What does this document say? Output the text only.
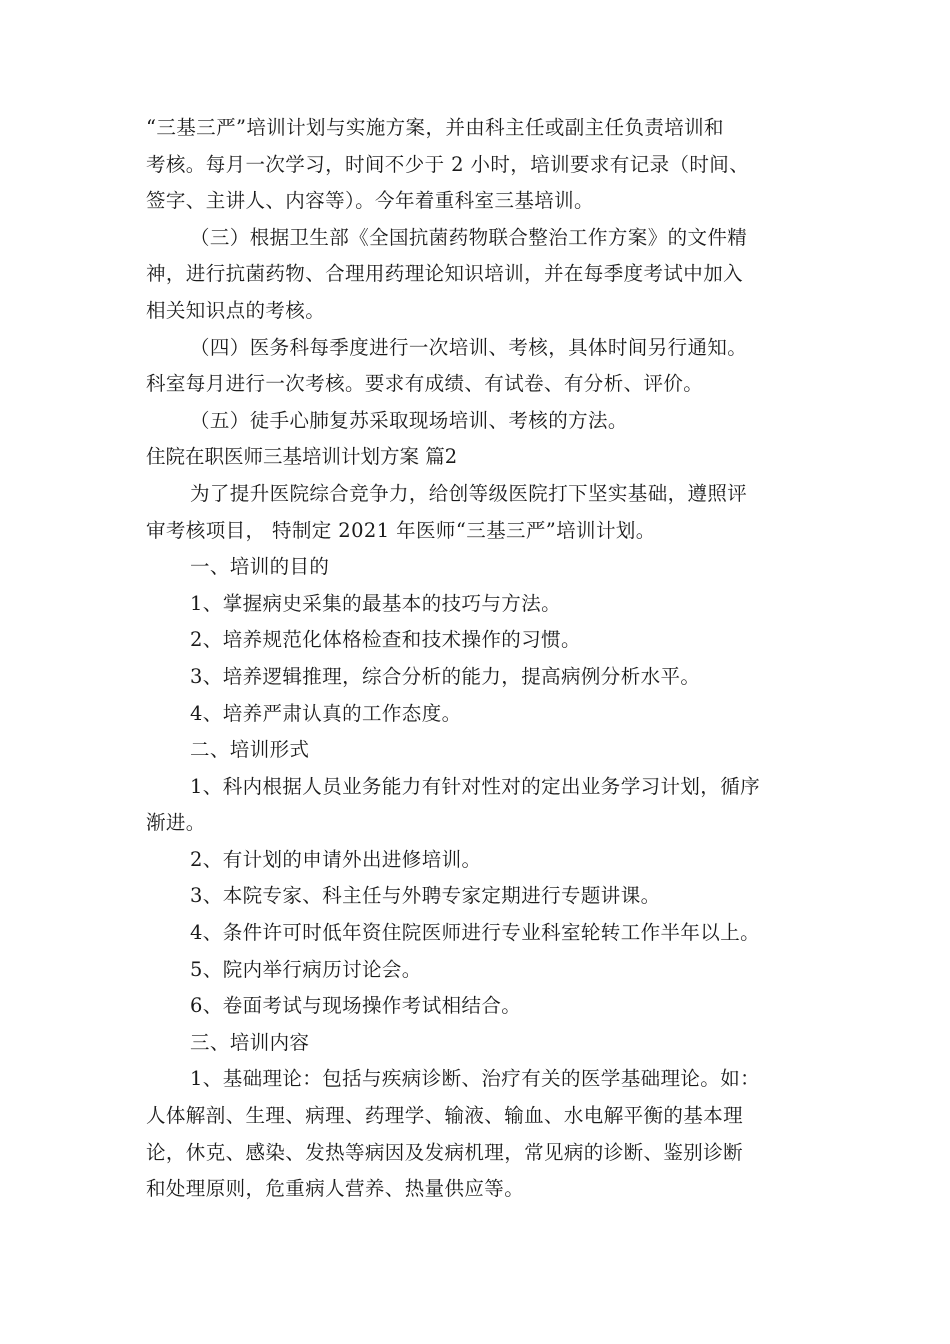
“三基三严”培训计划与实施方案，并由科主任或副主任负责培训和
考核。每月一次学习，时间不少于 2 小时，培训要求有记录（时间、
签字、主讲人、内容等）。今年着重科室三基培训。
（三）根据卫生部《全国抗菌药物联合整治工作方案》的文件精
神，进行抗菌药物、合理用药理论知识培训，并在每季度考试中加入
相关知识点的考核。
（四）医务科每季度进行一次培训、考核，具体时间另行通知。
科室每月进行一次考核。要求有成绩、有试卷、有分析、评价。
（五）徒手心肺复苏采取现场培训、考核的方法。
住院在职医师三基培训计划方案 篇2
为了提升医院综合竞争力，给创等级医院打下坚实基础，遵照评
审考核项目， 特制定 2021 年医师“三基三严”培训计划。
一、培训的目的
1、掌握病史采集的最基本的技巧与方法。
2、培养规范化体格检查和技术操作的习惯。
3、培养逻辑推理，综合分析的能力，提高病例分析水平。
4、培养严肃认真的工作态度。
二、培训形式
1、科内根据人员业务能力有针对性对的定出业务学习计划，循序
渐进。
2、有计划的申请外出进修培训。
3、本院专家、科主任与外聘专家定期进行专题讲课。
4、条件许可时低年资住院医师进行专业科室轮转工作半年以上。
5、院内举行病历讨论会。
6、卷面考试与现场操作考试相结合。
三、培训内容
1、基础理论：包括与疾病诊断、治疗有关的医学基础理论。如：
人体解剖、生理、病理、药理学、输液、输血、水电解平衡的基本理
论，休克、感染、发热等病因及发病机理，常见病的诊断、鉴别诊断
和处理原则，危重病人营养、热量供应等。
